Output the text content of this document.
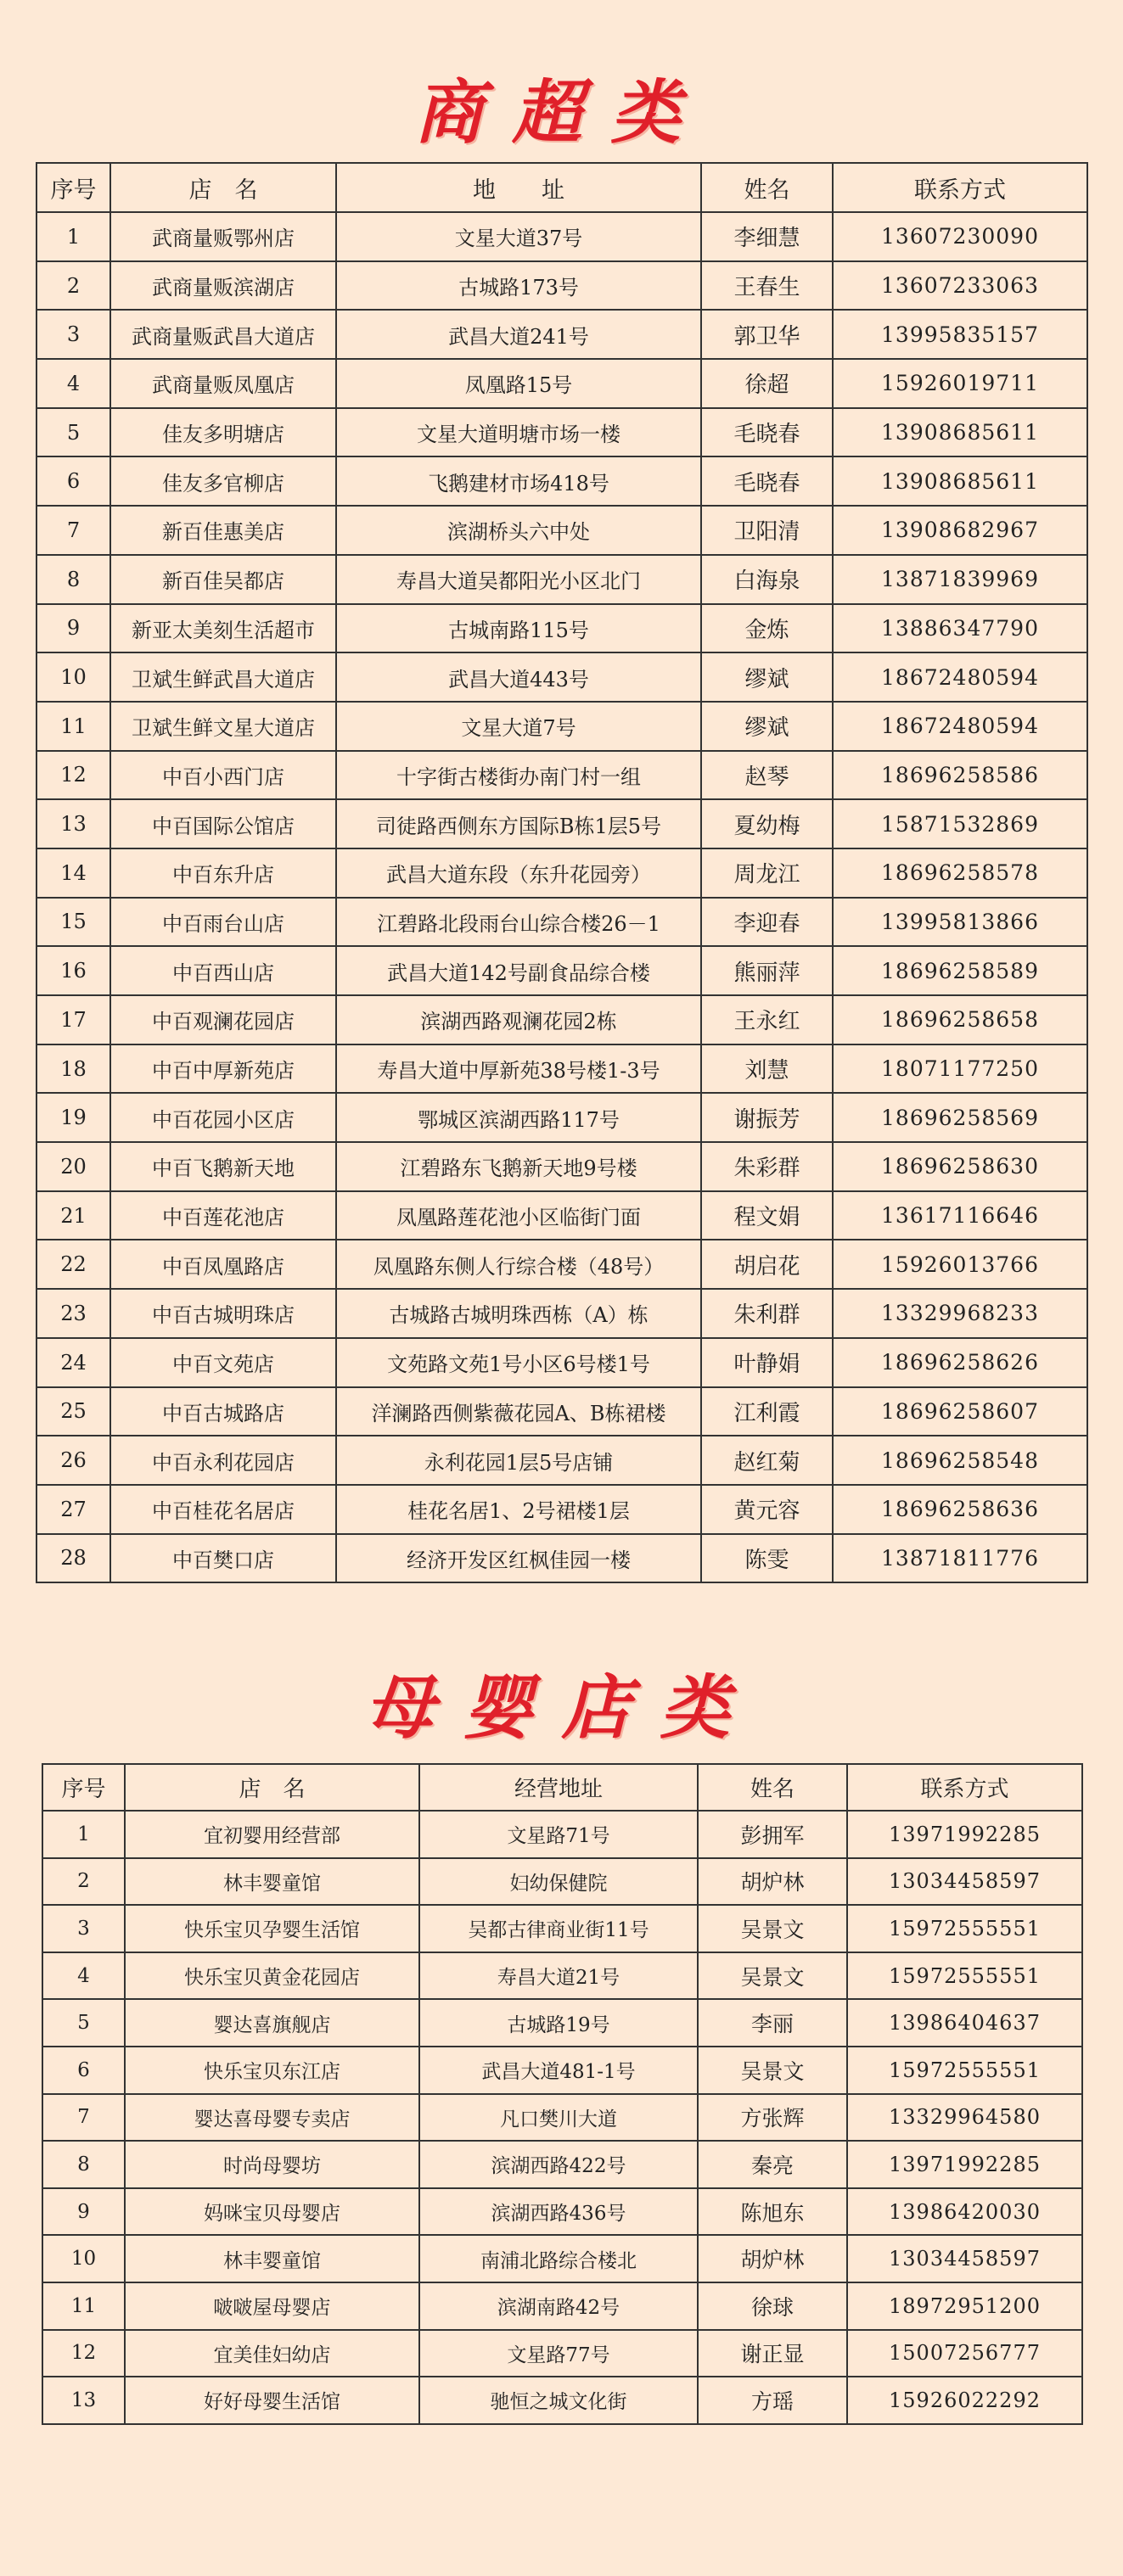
商超类
序号	店　名	地　　址	姓名	联系方式
1	武商量贩鄂州店	文星大道37号	李细慧	13607230090
2	武商量贩滨湖店	古城路173号	王春生	13607233063
3	武商量贩武昌大道店	武昌大道241号	郭卫华	13995835157
4	武商量贩凤凰店	凤凰路15号	徐超	15926019711
5	佳友多明塘店	文星大道明塘市场一楼	毛晓春	13908685611
6	佳友多官柳店	飞鹅建材市场418号	毛晓春	13908685611
7	新百佳惠美店	滨湖桥头六中处	卫阳清	13908682967
8	新百佳吴都店	寿昌大道吴都阳光小区北门	白海泉	13871839969
9	新亚太美刻生活超市	古城南路115号	金炼	13886347790
10	卫斌生鲜武昌大道店	武昌大道443号	缪斌	18672480594
11	卫斌生鲜文星大道店	文星大道7号	缪斌	18672480594
12	中百小西门店	十字街古楼街办南门村一组	赵琴	18696258586
13	中百国际公馆店	司徒路西侧东方国际B栋1层5号	夏幼梅	15871532869
14	中百东升店	武昌大道东段（东升花园旁）	周龙江	18696258578
15	中百雨台山店	江碧路北段雨台山综合楼26－1	李迎春	13995813866
16	中百西山店	武昌大道142号副食品综合楼	熊丽萍	18696258589
17	中百观澜花园店	滨湖西路观澜花园2栋	王永红	18696258658
18	中百中厚新苑店	寿昌大道中厚新苑38号楼1-3号	刘慧	18071177250
19	中百花园小区店	鄂城区滨湖西路117号	谢振芳	18696258569
20	中百飞鹅新天地	江碧路东飞鹅新天地9号楼	朱彩群	18696258630
21	中百莲花池店	凤凰路莲花池小区临街门面	程文娟	13617116646
22	中百凤凰路店	凤凰路东侧人行综合楼（48号）	胡启花	15926013766
23	中百古城明珠店	古城路古城明珠西栋（A）栋	朱利群	13329968233
24	中百文苑店	文苑路文苑1号小区6号楼1号	叶静娟	18696258626
25	中百古城路店	洋澜路西侧紫薇花园A、B栋裙楼	江利霞	18696258607
26	中百永利花园店	永利花园1层5号店铺	赵红菊	18696258548
27	中百桂花名居店	桂花名居1、2号裙楼1层	黄元容	18696258636
28	中百樊口店	经济开发区红枫佳园一楼	陈雯	13871811776
母婴店类
序号	店　名	经营地址	姓名	联系方式
1	宜初婴用经营部	文星路71号	彭拥军	13971992285
2	林丰婴童馆	妇幼保健院	胡炉林	13034458597
3	快乐宝贝孕婴生活馆	吴都古律商业街11号	吴景文	15972555551
4	快乐宝贝黄金花园店	寿昌大道21号	吴景文	15972555551
5	婴达喜旗舰店	古城路19号	李丽	13986404637
6	快乐宝贝东江店	武昌大道481-1号	吴景文	15972555551
7	婴达喜母婴专卖店	凡口樊川大道	方张辉	13329964580
8	时尚母婴坊	滨湖西路422号	秦亮	13971992285
9	妈咪宝贝母婴店	滨湖西路436号	陈旭东	13986420030
10	林丰婴童馆	南浦北路综合楼北	胡炉林	13034458597
11	啵啵屋母婴店	滨湖南路42号	徐球	18972951200
12	宜美佳妇幼店	文星路77号	谢正显	15007256777
13	好好母婴生活馆	驰恒之城文化街	方瑶	15926022292
